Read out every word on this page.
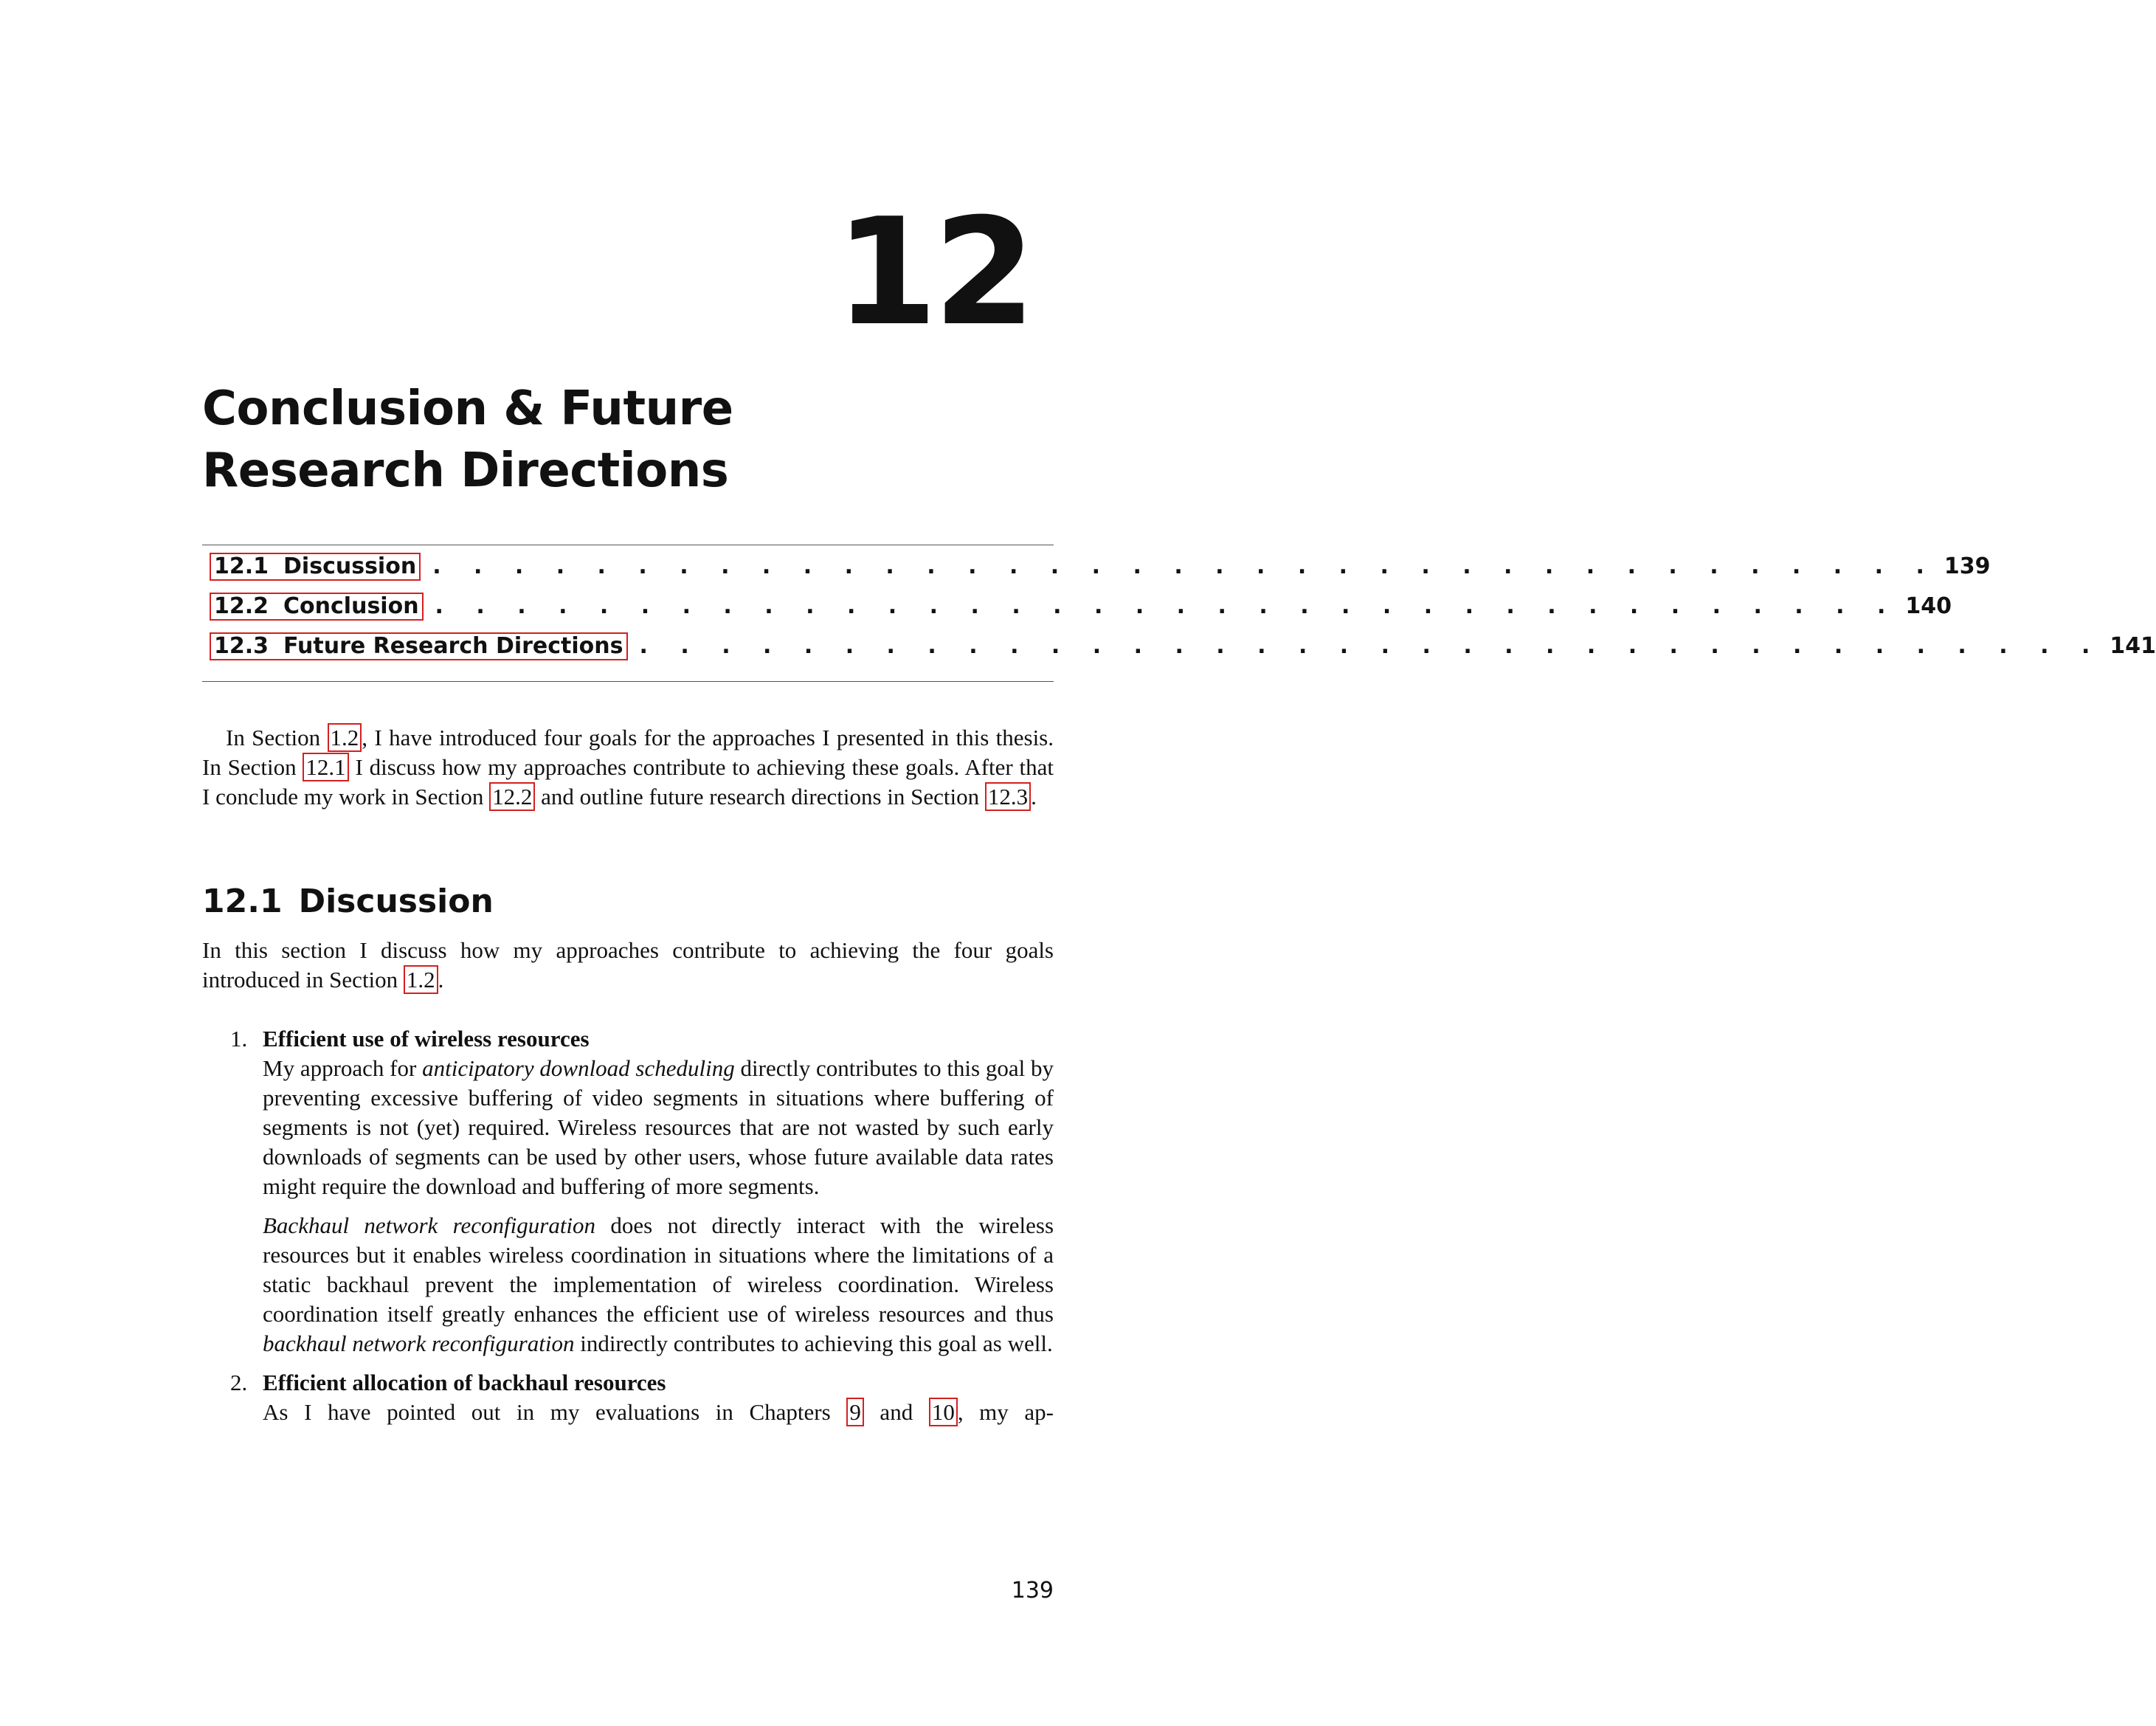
12
Conclusion & Future Research Directions
12.1 Discussion . . . . . . . . . . . . . . . . . . . . . . . . . . . . . . . . . . . . . 139
12.2 Conclusion . . . . . . . . . . . . . . . . . . . . . . . . . . . . . . . . . . . . 140
12.3 Future Research Directions . . . . . . . . . . . . . . . . . . . . . . . . . . . . . . . . . . . . 141

In Section 1.2 , I have introduced four goals for the approaches I presented in this thesis. In Section 12.1 I discuss how my approaches contribute to achieving these goals. After that I conclude my work in Section 12.2 and outline future research directions in Section 12.3 .

12.1 Discussion

In this section I discuss how my approaches contribute to achieving the four goals introduced in Section 1.2 .

1. Efficient use of wireless resources

My approach for anticipatory download scheduling directly contributes to this goal by preventing excessive buffering of video segments in situations where buffering of segments is not (yet) required. Wireless resources that are not wasted by such early downloads of segments can be used by other users, whose future available data rates might require the download and buffering of more segments.

Backhaul network reconfiguration does not directly interact with the wireless resources but it enables wireless coordination in situations where the limitations of a static backhaul prevent the implementation of wireless coordination. Wireless coordination itself greatly enhances the efficient use of wireless resources and thus backhaul network reconfiguration indirectly contributes to achieving this goal as well.

2. Efficient allocation of backhaul resources

As I have pointed out in my evaluations in Chapters 9 and 10 , my ap-

139
